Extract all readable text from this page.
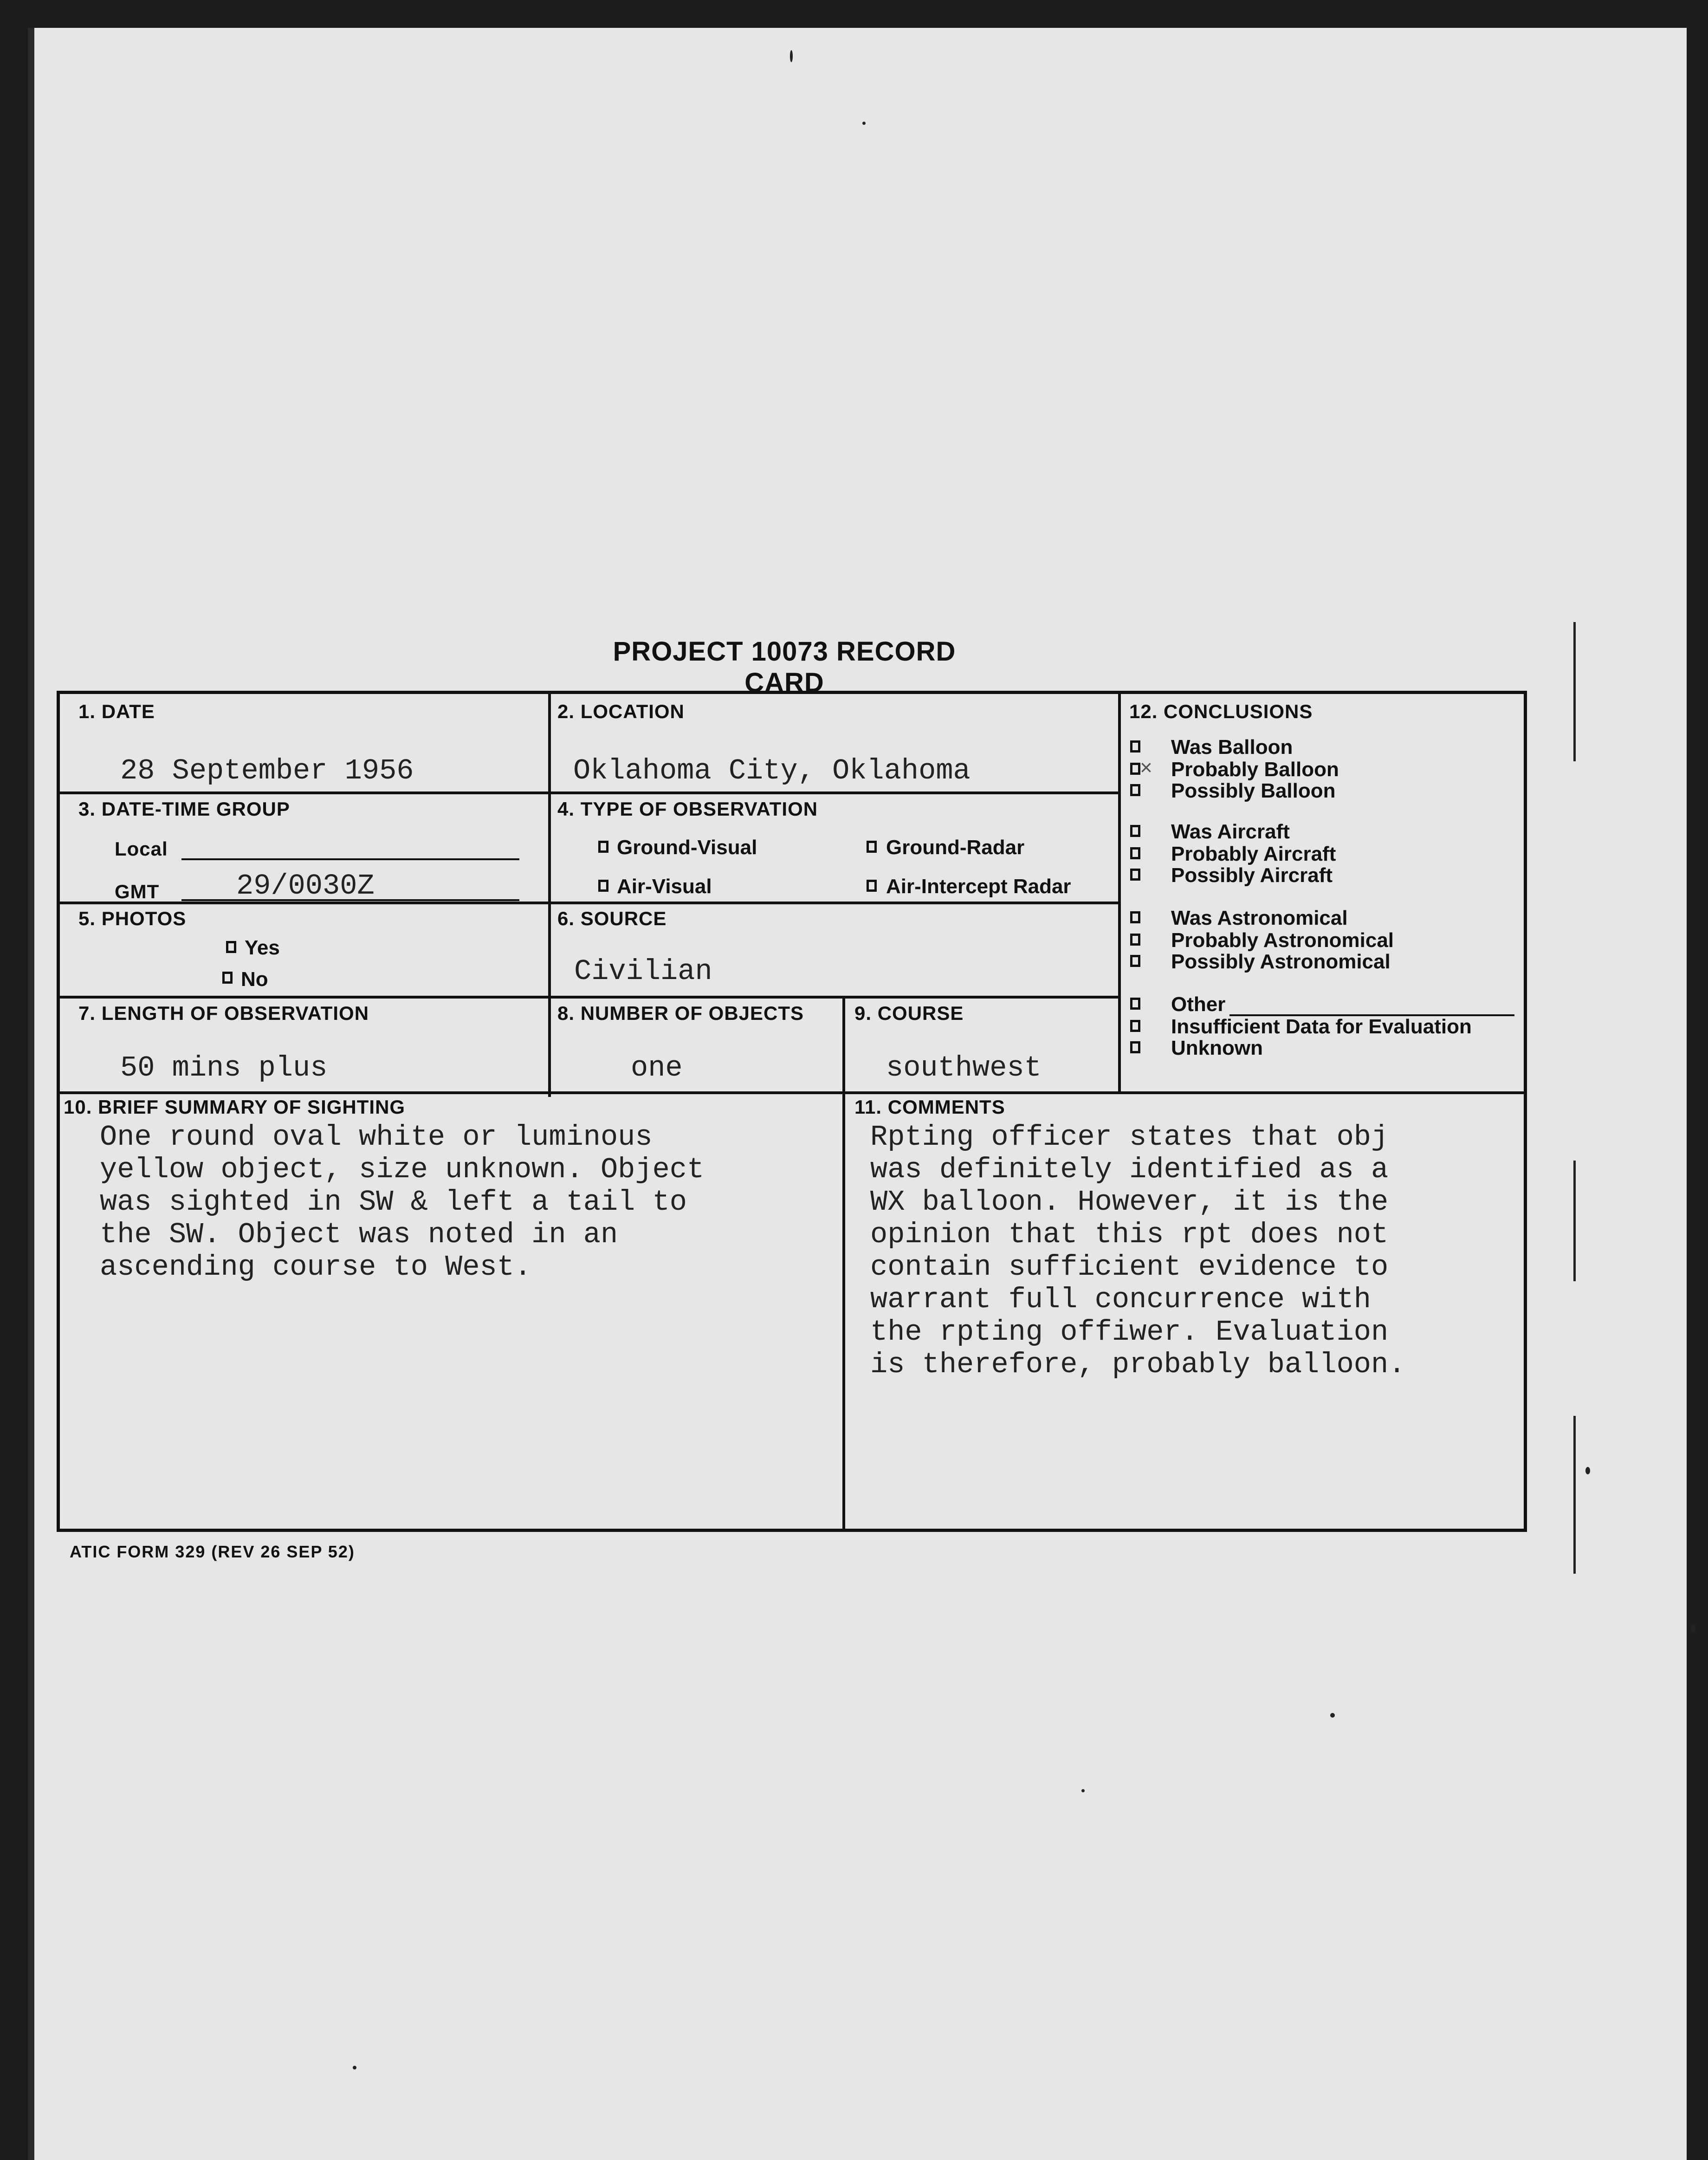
PROJECT 10073 RECORD CARD
1. DATE
28 September 1956
2. LOCATION
Oklahoma City, Oklahoma
3. DATE-TIME GROUP
Local
GMT	29/0030Z
4. TYPE OF OBSERVATION
Ground-Visual	Ground-Radar
Air-Visual	Air-Intercept Radar
5. PHOTOS
Yes
No
6. SOURCE
Civilian
7. LENGTH OF OBSERVATION
50 mins plus
8. NUMBER OF OBJECTS
one
9. COURSE
southwest
10. BRIEF SUMMARY OF SIGHTING
One round oval white or luminous
yellow object, size unknown. Object
was sighted in SW & left a tail to
the SW. Object was noted in an
ascending course to West.
11. COMMENTS
Rpting officer states that obj
was definitely identified as a
WX balloon. However, it is the
opinion that this rpt does not
contain sufficient evidence to
warrant full concurrence with
the rpting offiwer. Evaluation
is therefore, probably balloon.
12. CONCLUSIONS
Was Balloon
×
Probably Balloon
Possibly Balloon
Was Aircraft
Probably Aircraft
Possibly Aircraft
Was Astronomical
Probably Astronomical
Possibly Astronomical
Other
Insufficient Data for Evaluation
Unknown
ATIC FORM 329 (REV 26 SEP 52)
